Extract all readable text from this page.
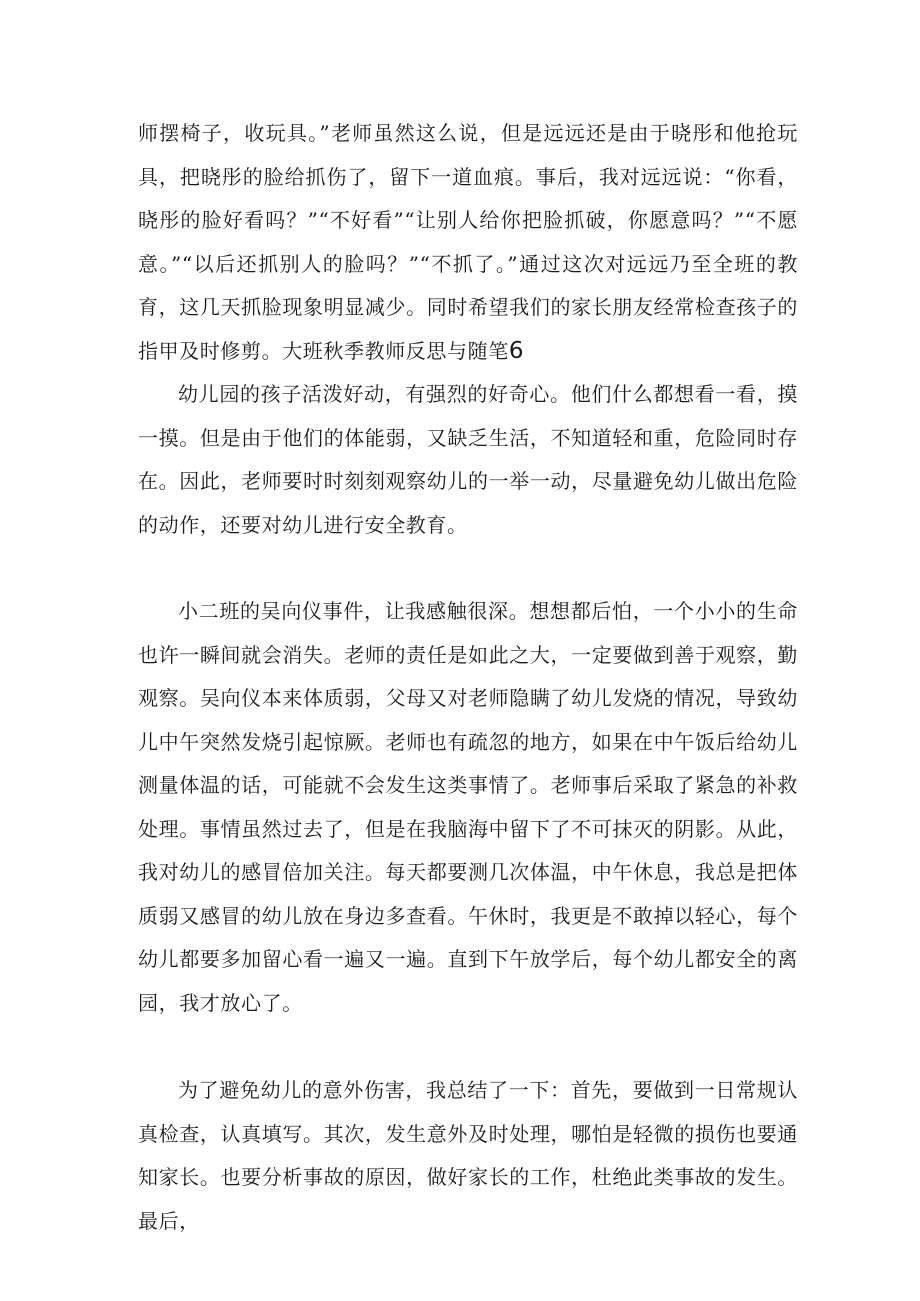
师摆椅子，收玩具。”老师虽然这么说，但是远远还是由于晓彤和他抢玩具，把晓彤的脸给抓伤了，留下一道血痕。事后，我对远远说：“你看，晓彤的脸好看吗？”“不好看”“让别人给你把脸抓破，你愿意吗？”“不愿意。”“以后还抓别人的脸吗？”“不抓了。”通过这次对远远乃至全班的教育，这几天抓脸现象明显减少。同时希望我们的家长朋友经常检查孩子的指甲及时修剪。大班秋季教师反思与随笔6

幼儿园的孩子活泼好动，有强烈的好奇心。他们什么都想看一看，摸一摸。但是由于他们的体能弱，又缺乏生活，不知道轻和重，危险同时存在。因此，老师要时时刻刻观察幼儿的一举一动，尽量避免幼儿做出危险的动作，还要对幼儿进行安全教育。

小二班的吴向仪事件，让我感触很深。想想都后怕，一个小小的生命也许一瞬间就会消失。老师的责任是如此之大，一定要做到善于观察，勤观察。吴向仪本来体质弱，父母又对老师隐瞒了幼儿发烧的情况，导致幼儿中午突然发烧引起惊厥。老师也有疏忽的地方，如果在中午饭后给幼儿测量体温的话，可能就不会发生这类事情了。老师事后采取了紧急的补救处理。事情虽然过去了，但是在我脑海中留下了不可抹灭的阴影。从此，我对幼儿的感冒倍加关注。每天都要测几次体温，中午休息，我总是把体质弱又感冒的幼儿放在身边多查看。午休时，我更是不敢掉以轻心，每个幼儿都要多加留心看一遍又一遍。直到下午放学后，每个幼儿都安全的离园，我才放心了。

为了避免幼儿的意外伤害，我总结了一下：首先，要做到一日常规认真检查，认真填写。其次，发生意外及时处理，哪怕是轻微的损伤也要通知家长。也要分析事故的原因，做好家长的工作，杜绝此类事故的发生。最后，
